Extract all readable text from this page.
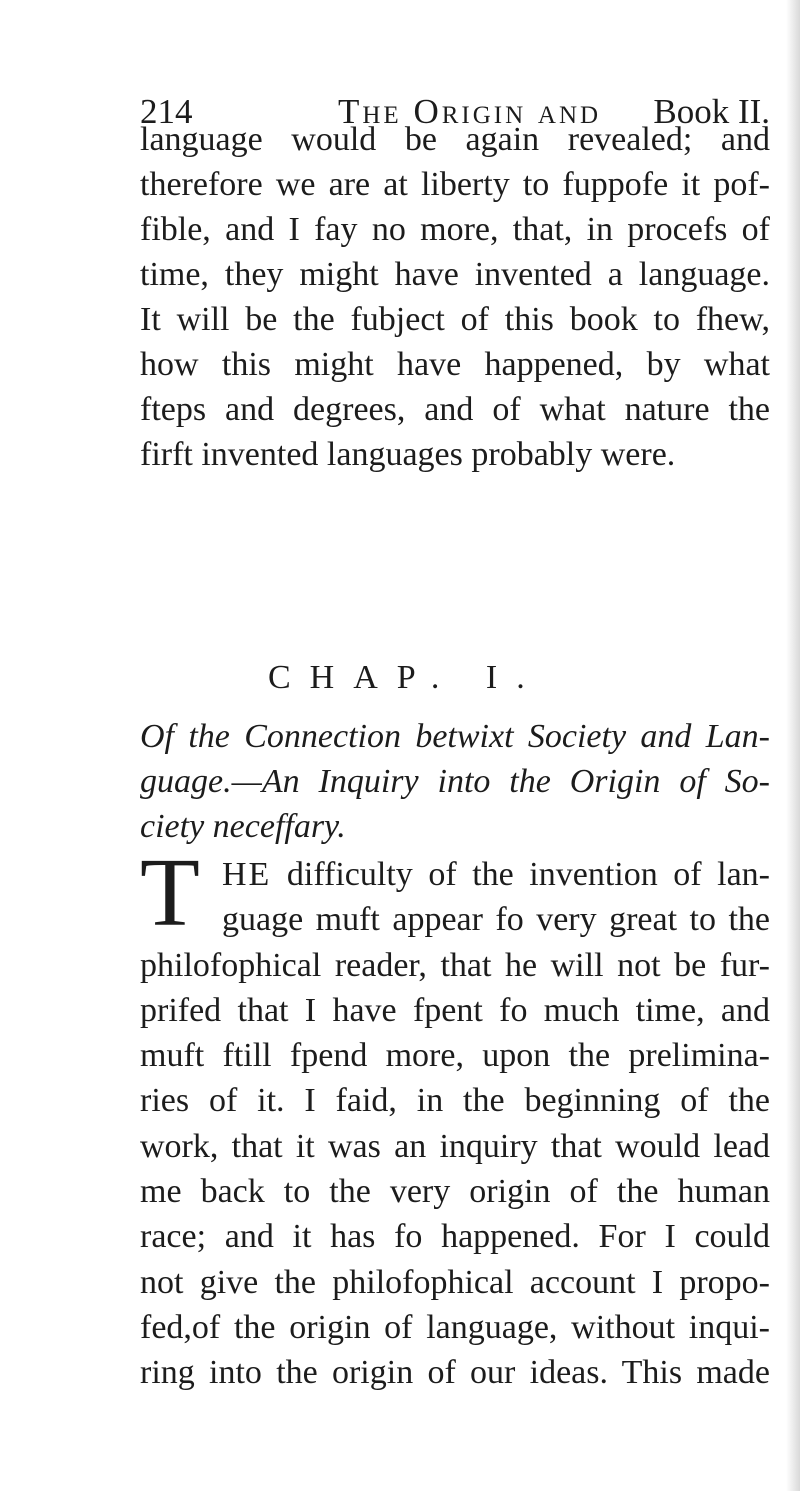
214	The Origin and Book II.
language would be again revealed; and
therefore we are at liberty to fuppofe it pof-
fible, and I fay no more, that, in procefs of
time, they might have invented a language.
It will be the fubject of this book to fhew,
how this might have happened, by what
fteps and degrees, and of what nature the
firft invented languages probably were.
CHAP. I.
Of the Connection betwixt Society and Lan-
guage.—An Inquiry into the Origin of So-
ciety neceffary.
T HE difficulty of the invention of lan-
guage muft appear fo very great to the
philofophical reader, that he will not be fur-
prifed that I have fpent fo much time, and
muft ftill fpend more, upon the prelimina-
ries of it. I faid, in the beginning of the
work, that it was an inquiry that would lead
me back to the very origin of the human
race; and it has fo happened. For I could
not give the philofophical account I propo-
fed,of the origin of language, without inqui-
ring into the origin of our ideas. This made
